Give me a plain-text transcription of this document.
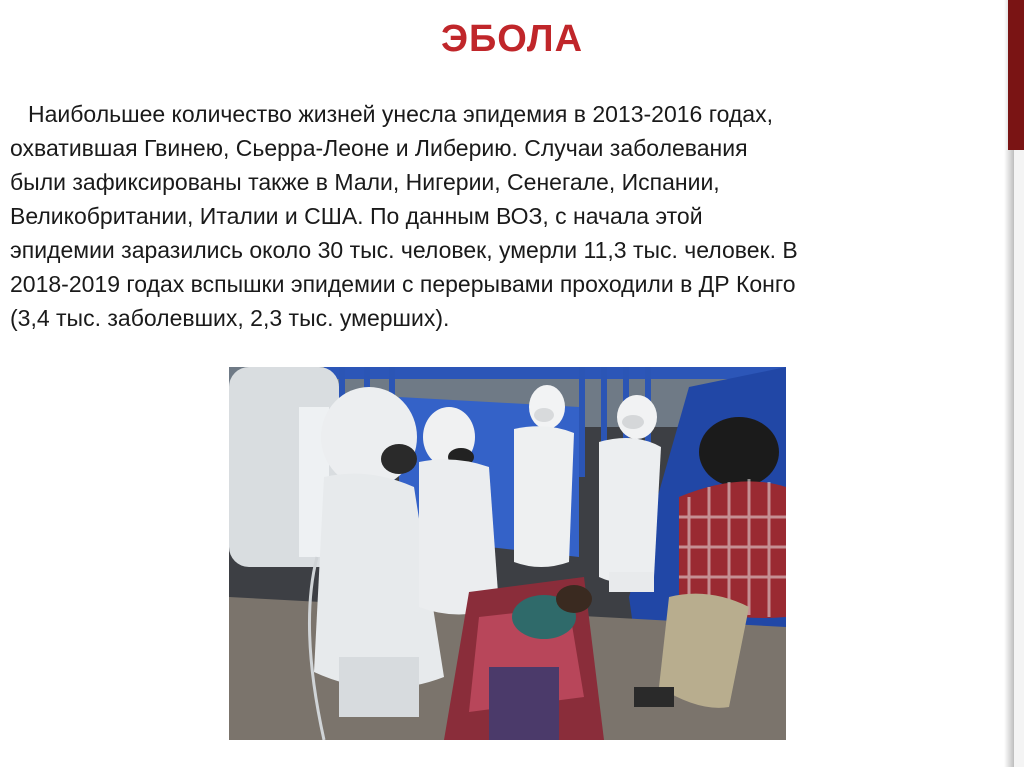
ЭБОЛА
Наибольшее количество жизней унесла эпидемия в 2013-2016 годах,
охватившая Гвинею, Сьерра-Леоне и Либерию. Случаи заболевания
были зафиксированы также в Мали, Нигерии, Сенегале, Испании,
Великобритании, Италии и США. По данным ВОЗ, с начала этой
эпидемии заразились около 30 тыс. человек, умерли 11,3 тыс. человек. В
2018-2019 годах вспышки эпидемии с перерывами проходили в ДР Конго
(3,4 тыс. заболевших, 2,3 тыс. умерших).
